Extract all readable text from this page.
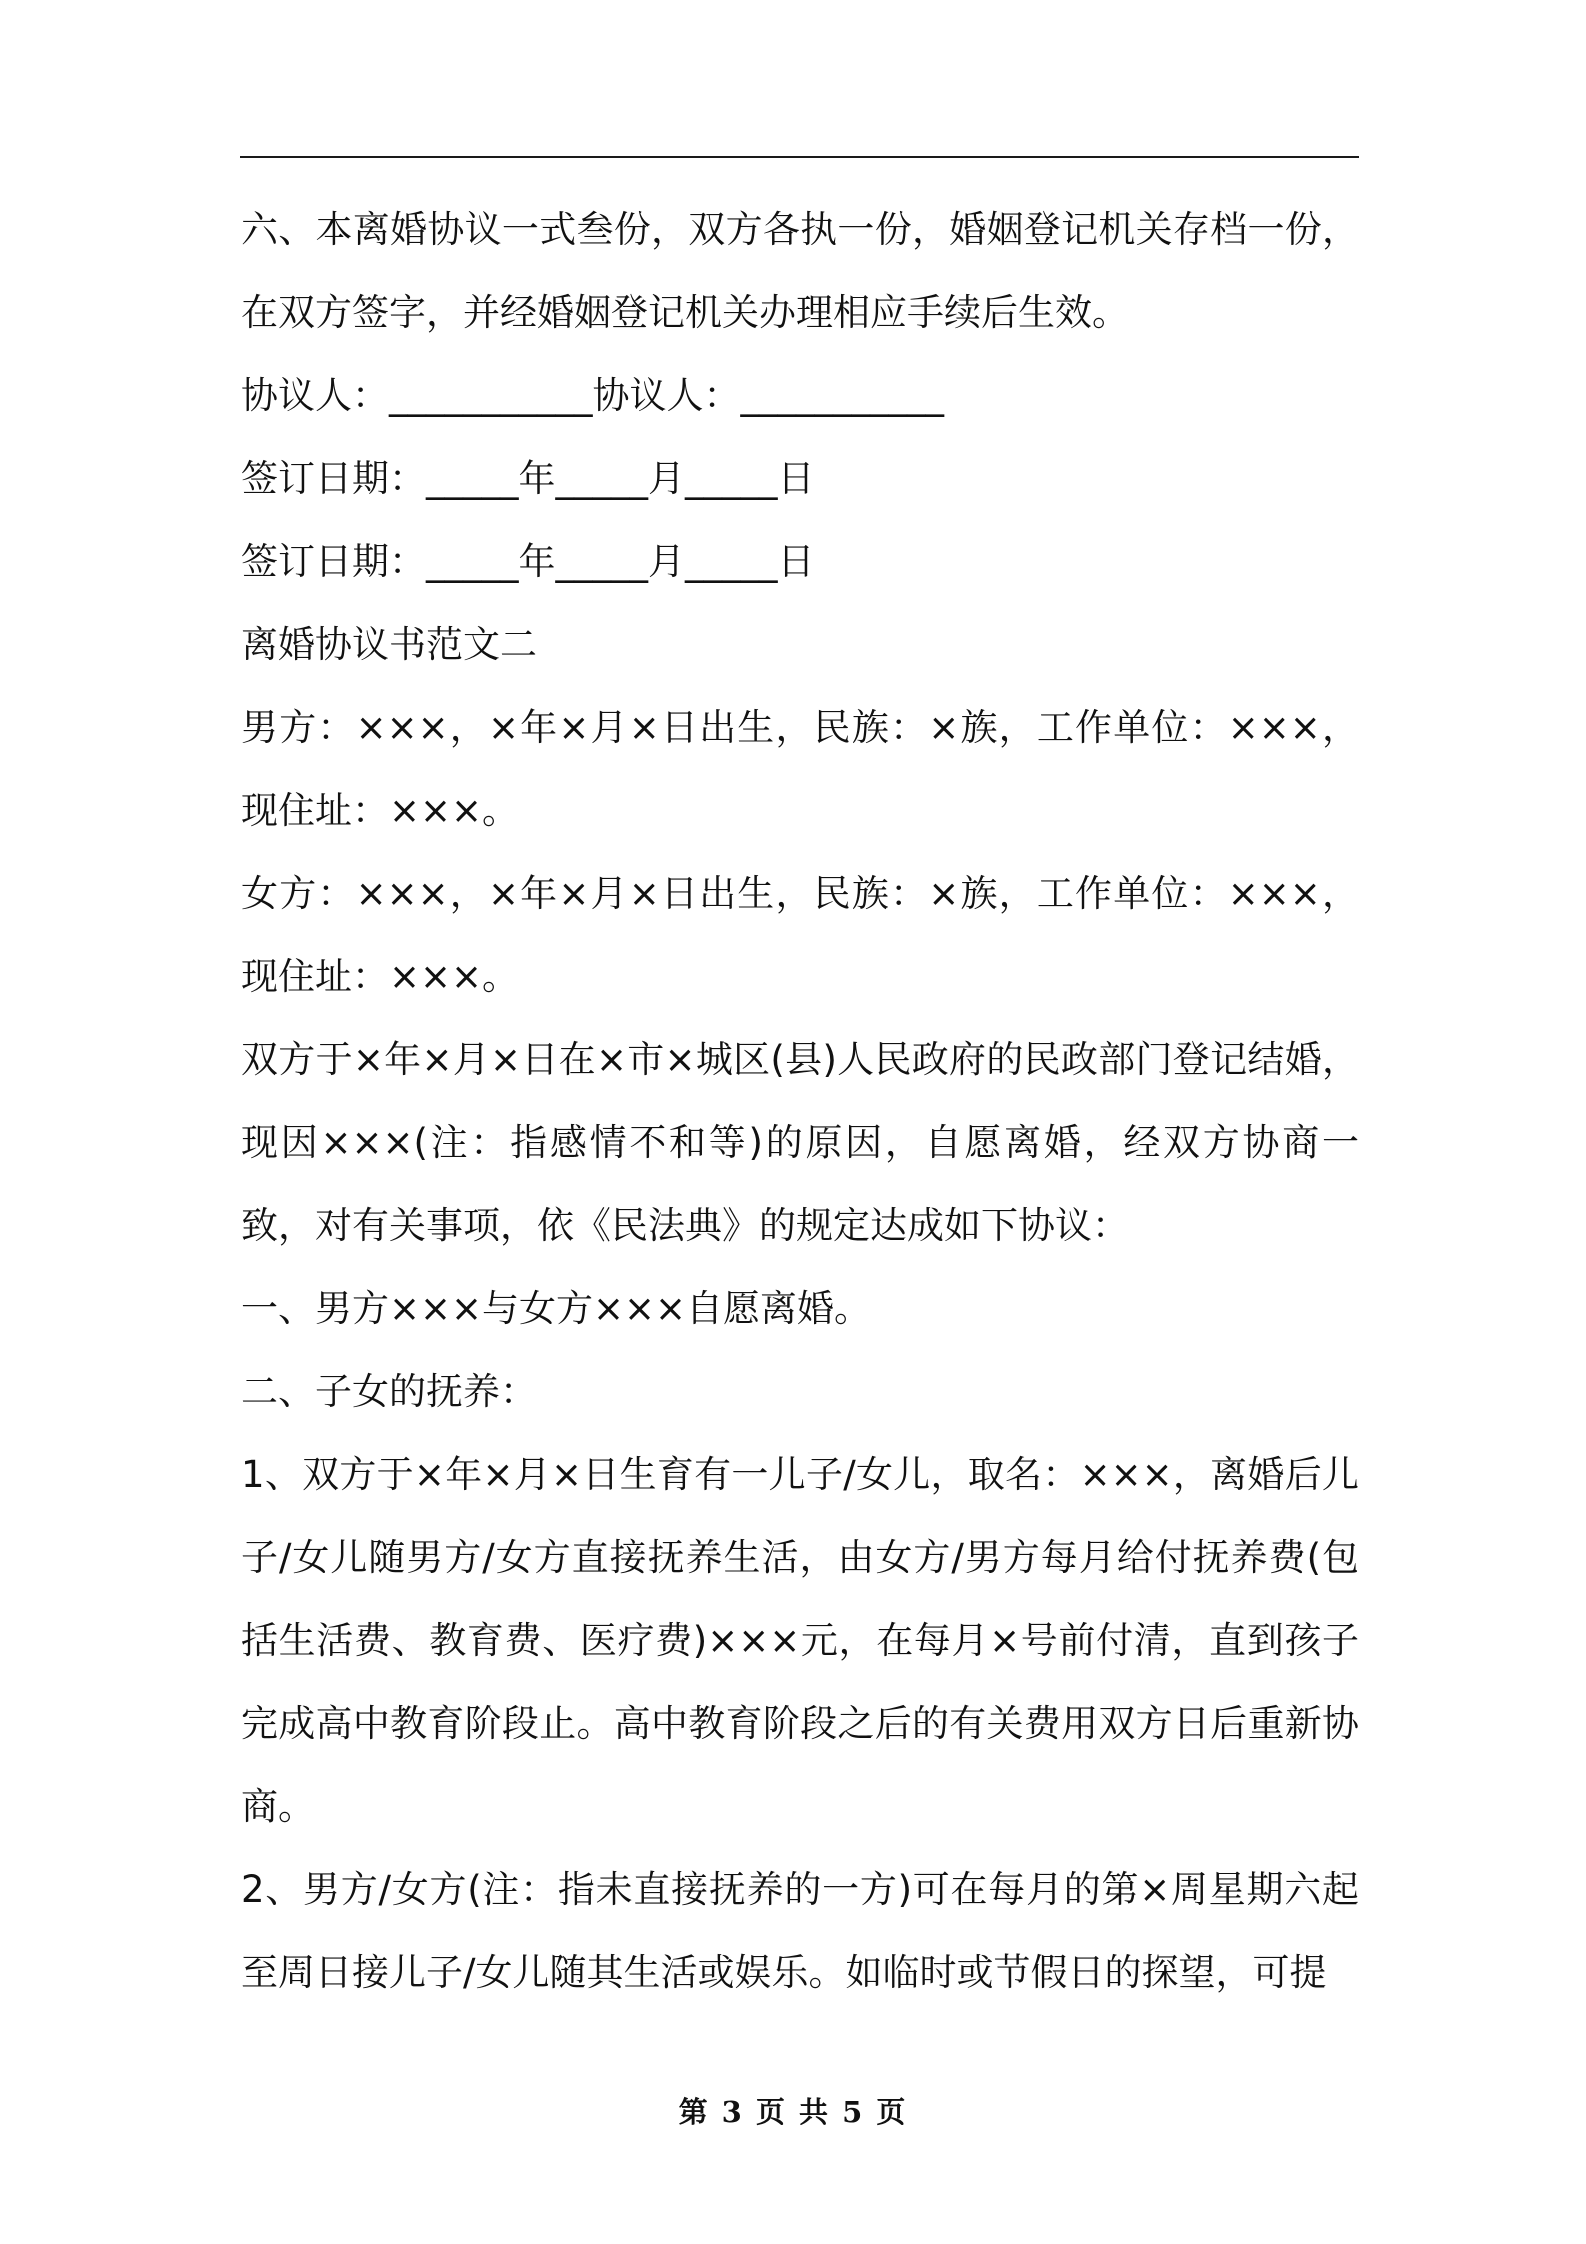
六、本离婚协议一式叁份，双方各执一份，婚姻登记机关存档一份，在双方签字，并经婚姻登记机关办理相应手续后生效。

协议人：___________协议人：___________

签订日期：_____年_____月_____日

签订日期：_____年_____月_____日

离婚协议书范文二

男方：×××，×年×月×日出生，民族：×族，工作单位：×××，现住址：×××。

女方：×××，×年×月×日出生，民族：×族，工作单位：×××，现住址：×××。

双方于×年×月×日在×市×城区(县)人民政府的民政部门登记结婚，现因×××(注：指感情不和等)的原因，自愿离婚，经双方协商一致，对有关事项，依《民法典》的规定达成如下协议：

一、男方×××与女方×××自愿离婚。

二、子女的抚养：

1、双方于×年×月×日生育有一儿子/女儿，取名：×××，离婚后儿子/女儿随男方/女方直接抚养生活，由女方/男方每月给付抚养费(包括生活费、教育费、医疗费)×××元，在每月×号前付清，直到孩子完成高中教育阶段止。高中教育阶段之后的有关费用双方日后重新协商。

2、男方/女方(注：指未直接抚养的一方)可在每月的第×周星期六起至周日接儿子/女儿随其生活或娱乐。如临时或节假日的探望，可提

第 3 页 共 5 页
